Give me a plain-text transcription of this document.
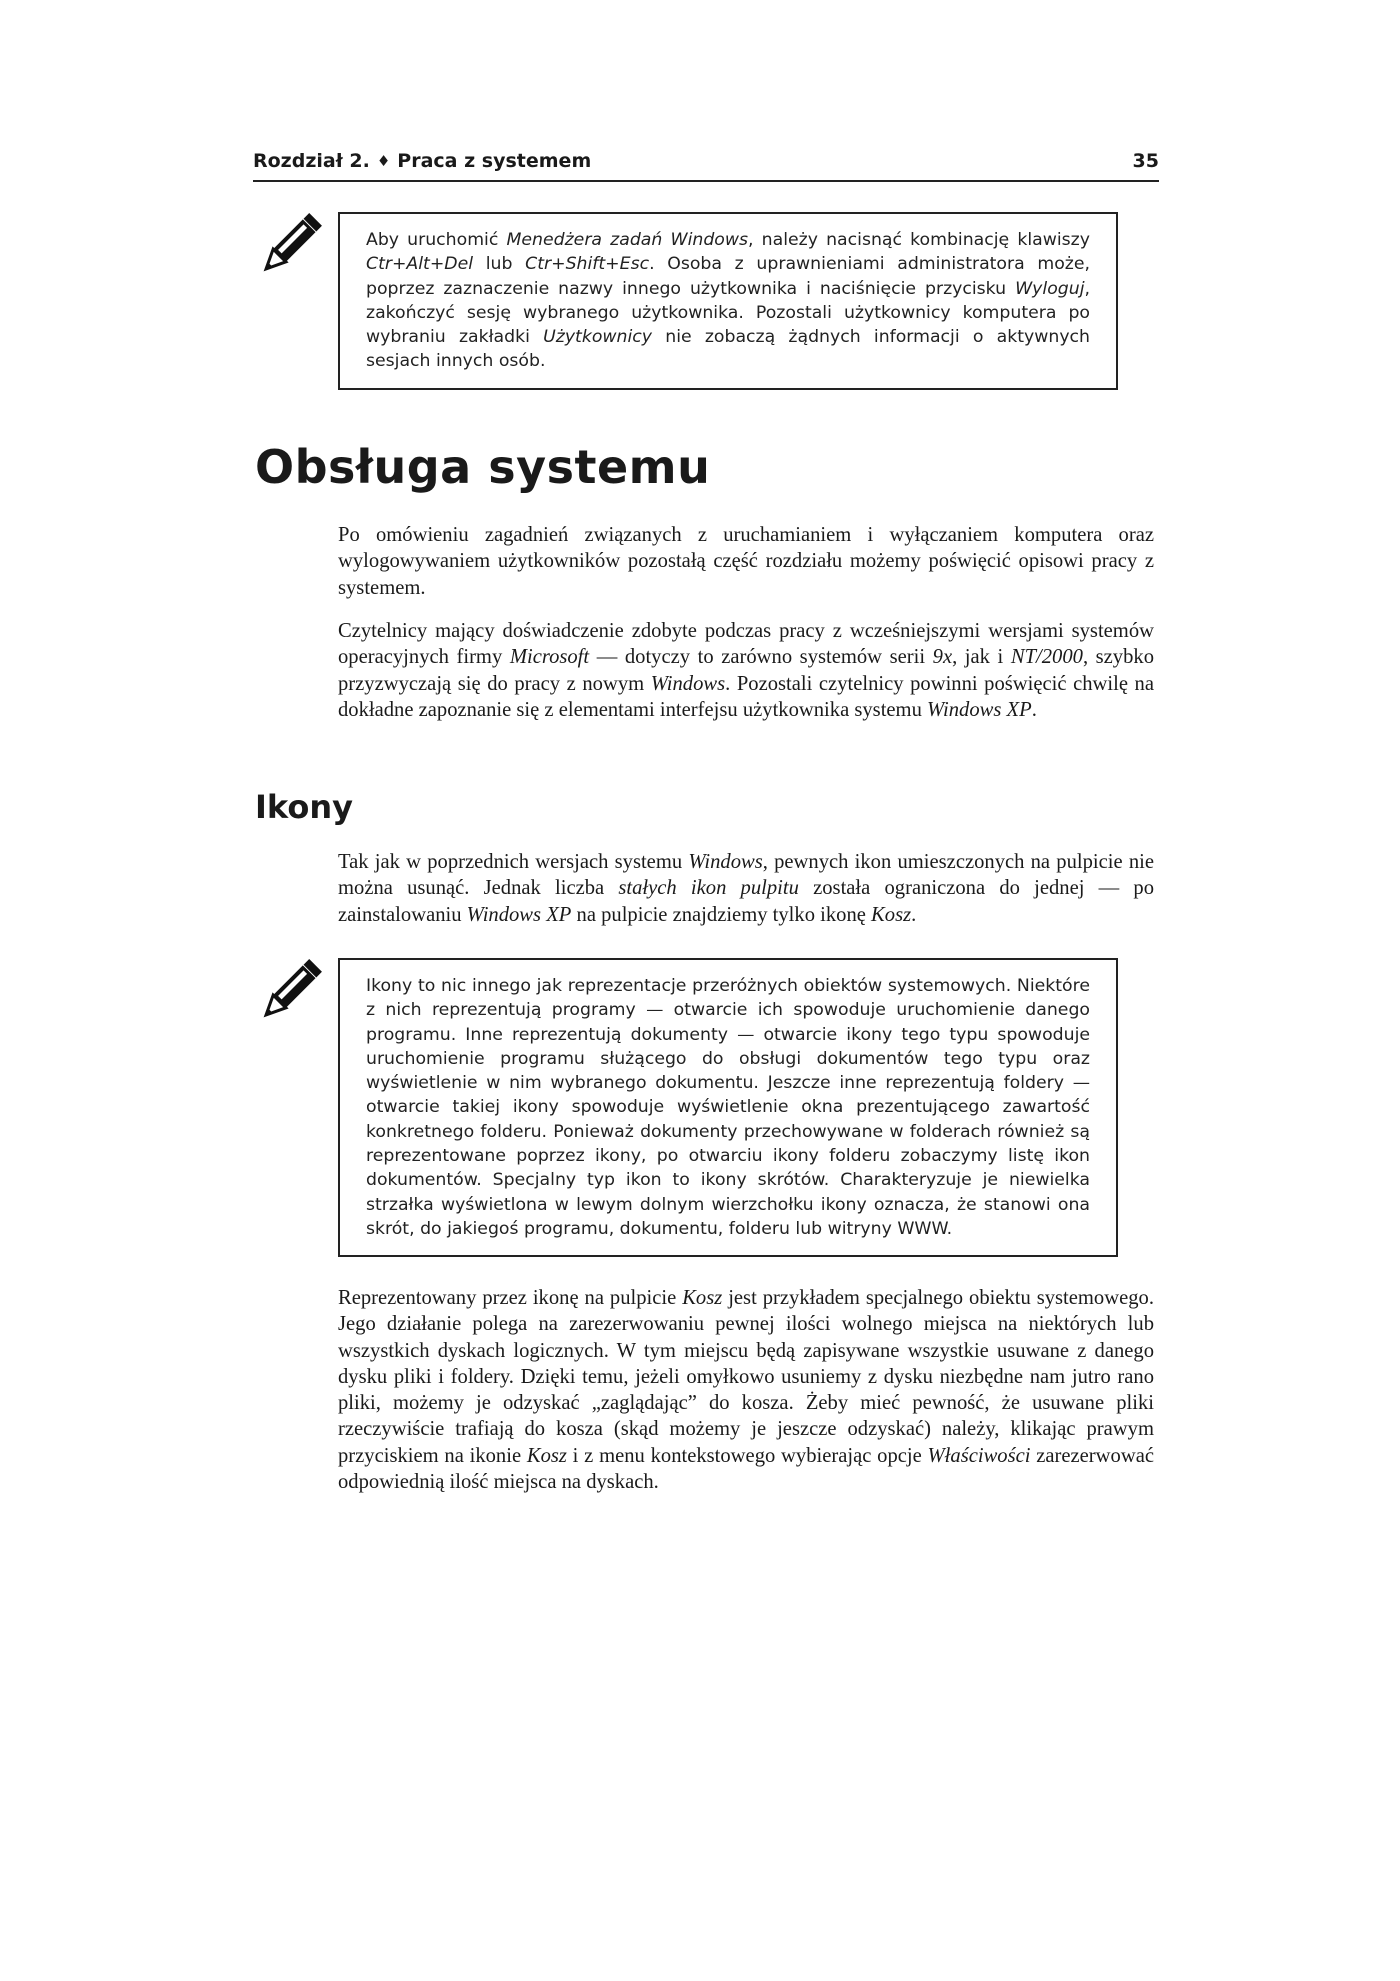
Rozdział 2. ♦ Praca z systemem	35

Aby uruchomić Menedżera zadań Windows, należy nacisnąć kombinację klawiszy Ctr+Alt+Del lub Ctr+Shift+Esc. Osoba z uprawnieniami administratora może, poprzez zaznaczenie nazwy innego użytkownika i naciśnięcie przycisku Wyloguj, zakończyć sesję wybranego użytkownika. Pozostali użytkownicy komputera po wybraniu zakładki Użytkownicy nie zobaczą żądnych informacji o aktywnych sesjach innych osób.

Obsługa systemu

Po omówieniu zagadnień związanych z uruchamianiem i wyłączaniem komputera oraz wylogowywaniem użytkowników pozostałą część rozdziału możemy poświęcić opisowi pracy z systemem.

Czytelnicy mający doświadczenie zdobyte podczas pracy z wcześniejszymi wersjami systemów operacyjnych firmy Microsoft — dotyczy to zarówno systemów serii 9x, jak i NT/2000, szybko przyzwyczają się do pracy z nowym Windows. Pozostali czytelnicy powinni poświęcić chwilę na dokładne zapoznanie się z elementami interfejsu użytkownika systemu Windows XP.

Ikony

Tak jak w poprzednich wersjach systemu Windows, pewnych ikon umieszczonych na pulpicie nie można usunąć. Jednak liczba stałych ikon pulpitu została ograniczona do jednej — po zainstalowaniu Windows XP na pulpicie znajdziemy tylko ikonę Kosz.

Ikony to nic innego jak reprezentacje przeróżnych obiektów systemowych. Niektóre z nich reprezentują programy — otwarcie ich spowoduje uruchomienie danego programu. Inne reprezentują dokumenty — otwarcie ikony tego typu spowoduje uruchomienie programu służącego do obsługi dokumentów tego typu oraz wyświetlenie w nim wybranego dokumentu. Jeszcze inne reprezentują foldery — otwarcie takiej ikony spowoduje wyświetlenie okna prezentującego zawartość konkretnego folderu. Ponieważ dokumenty przechowywane w folderach również są reprezentowane poprzez ikony, po otwarciu ikony folderu zobaczymy listę ikon dokumentów. Specjalny typ ikon to ikony skrótów. Charakteryzuje je niewielka strzałka wyświetlona w lewym dolnym wierzchołku ikony oznacza, że stanowi ona skrót, do jakiegoś programu, dokumentu, folderu lub witryny WWW.

Reprezentowany przez ikonę na pulpicie Kosz jest przykładem specjalnego obiektu systemowego. Jego działanie polega na zarezerwowaniu pewnej ilości wolnego miejsca na niektórych lub wszystkich dyskach logicznych. W tym miejscu będą zapisywane wszystkie usuwane z danego dysku pliki i foldery. Dzięki temu, jeżeli omyłkowo usuniemy z dysku niezbędne nam jutro rano pliki, możemy je odzyskać „zaglądając” do kosza. Żeby mieć pewność, że usuwane pliki rzeczywiście trafiają do kosza (skąd możemy je jeszcze odzyskać) należy, klikając prawym przyciskiem na ikonie Kosz i z menu kontekstowego wybierając opcje Właściwości zarezerwować odpowiednią ilość miejsca na dyskach.
